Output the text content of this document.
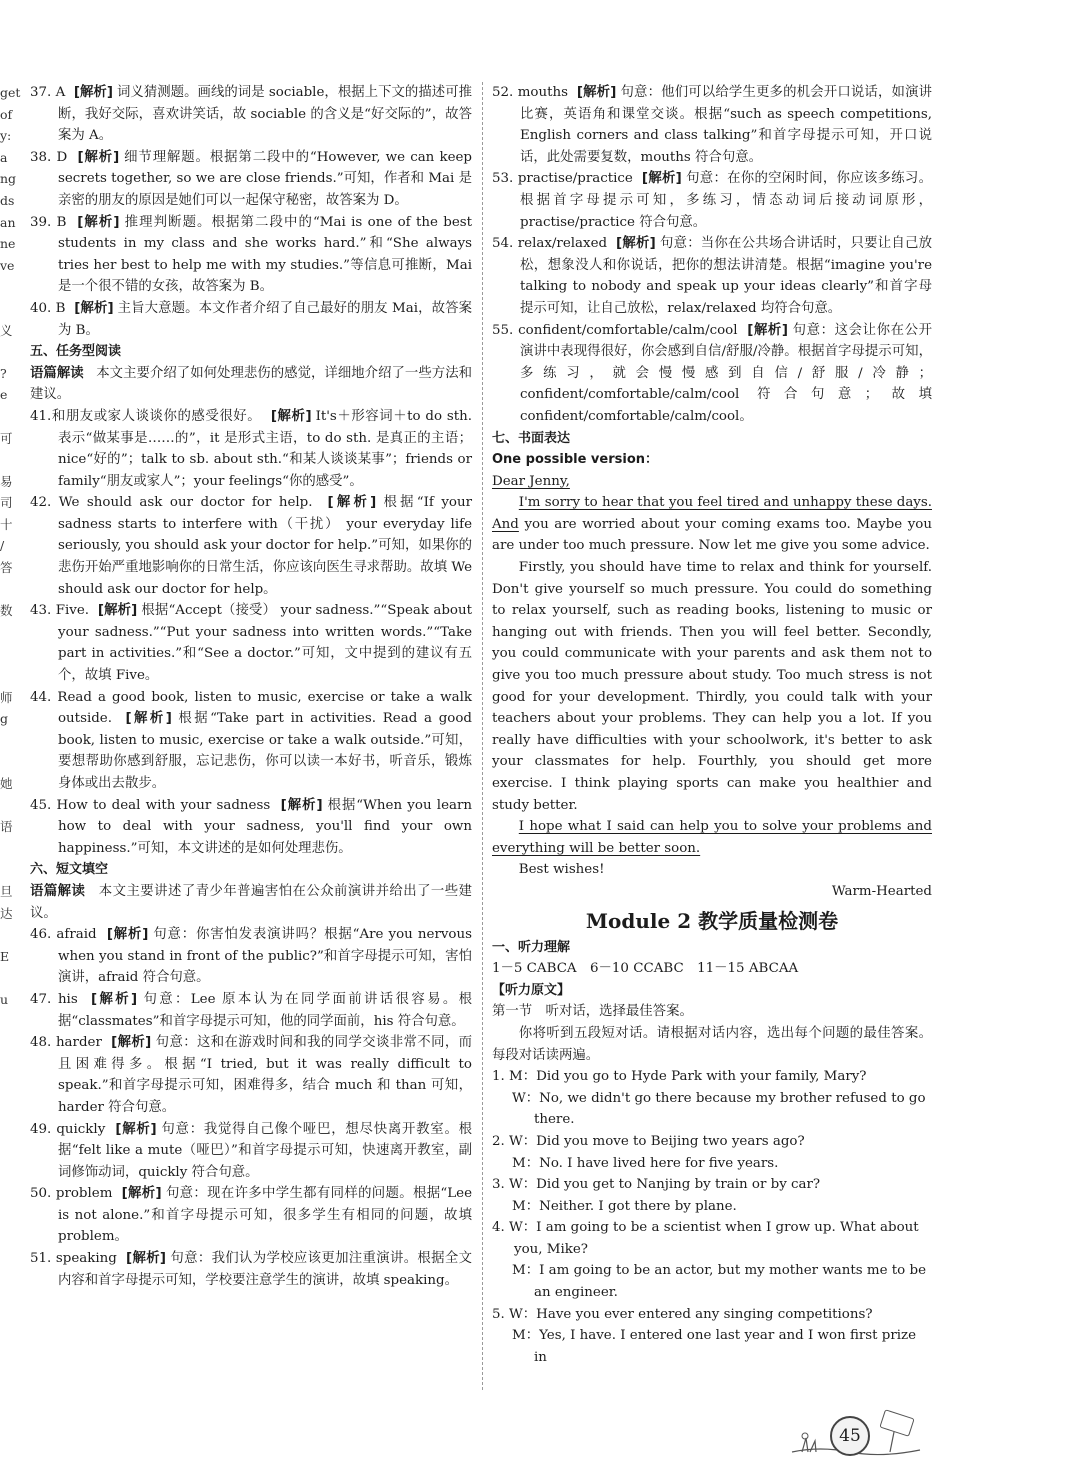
get
of
y:
a
ng
ds
an
ne
ve
义
?
e
可
易
司
十
/
答
数
师
g
她
语
旦
达
E
u

37. A [解析] 词义猜测题。画线的词是 sociable，根据上下文的描述可推断，我好交际，喜欢讲笑话，故 sociable 的含义是“好交际的”，故答案为 A。

38. D [解析] 细节理解题。根据第二段中的“However, we can keep secrets together, so we are close friends.”可知，作者和 Mai 是亲密的朋友的原因是她们可以一起保守秘密，故答案为 D。

39. B [解析] 推理判断题。根据第二段中的“Mai is one of the best students in my class and she works hard.”和“She always tries her best to help me with my studies.”等信息可推断，Mai 是一个很不错的女孩，故答案为 B。

40. B [解析] 主旨大意题。本文作者介绍了自己最好的朋友 Mai，故答案为 B。

五、任务型阅读

语篇解读 本文主要介绍了如何处理悲伤的感觉，详细地介绍了一些方法和建议。

41.和朋友或家人谈谈你的感受很好。 [解析] It's＋形容词＋to do sth. 表示“做某事是……的”，it 是形式主语，to do sth. 是真正的主语；nice“好的”；talk to sb. about sth.“和某人谈谈某事”；friends or family“朋友或家人”；your feelings“你的感受”。

42. We should ask our doctor for help. [解析] 根据“If your sadness starts to interfere with（干扰） your everyday life seriously, you should ask your doctor for help.”可知，如果你的悲伤开始严重地影响你的日常生活，你应该向医生寻求帮助。故填 We should ask our doctor for help。

43. Five. [解析] 根据“Accept（接受） your sadness.”“Speak about your sadness.”“Put your sadness into written words.”“Take part in activities.”和“See a doctor.”可知，文中提到的建议有五个，故填 Five。

44. Read a good book, listen to music, exercise or take a walk outside. [解析] 根据“Take part in activities. Read a good book, listen to music, exercise or take a walk outside.”可知，要想帮助你感到舒服，忘记悲伤，你可以读一本好书，听音乐，锻炼身体或出去散步。

45. How to deal with your sadness [解析] 根据“When you learn how to deal with your sadness, you'll find your own happiness.”可知，本文讲述的是如何处理悲伤。

六、短文填空

语篇解读 本文主要讲述了青少年普遍害怕在公众前演讲并给出了一些建议。

46. afraid [解析] 句意：你害怕发表演讲吗？根据“Are you nervous when you stand in front of the public?”和首字母提示可知，害怕演讲，afraid 符合句意。

47. his [解析] 句意：Lee 原本认为在同学面前讲话很容易。根据“classmates”和首字母提示可知，他的同学面前，his 符合句意。

48. harder [解析] 句意：这和在游戏时间和我的同学交谈非常不同，而且困难得多。根据“I tried, but it was really difficult to speak.”和首字母提示可知，困难得多，结合 much 和 than 可知，harder 符合句意。

49. quickly [解析] 句意：我觉得自己像个哑巴，想尽快离开教室。根据“felt like a mute（哑巴）”和首字母提示可知，快速离开教室，副词修饰动词，quickly 符合句意。

50. problem [解析] 句意：现在许多中学生都有同样的问题。根据“Lee is not alone.”和首字母提示可知，很多学生有相同的问题，故填 problem。

51. speaking [解析] 句意：我们认为学校应该更加注重演讲。根据全文内容和首字母提示可知，学校要注意学生的演讲，故填 speaking。

52. mouths [解析] 句意：他们可以给学生更多的机会开口说话，如演讲比赛，英语角和课堂交谈。根据“such as speech competitions, English corners and class talking”和首字母提示可知，开口说话，此处需要复数，mouths 符合句意。

53. practise/practice [解析] 句意：在你的空闲时间，你应该多练习。根据首字母提示可知，多练习，情态动词后接动词原形，practise/practice 符合句意。

54. relax/relaxed [解析] 句意：当你在公共场合讲话时，只要让自己放松，想象没人和你说话，把你的想法讲清楚。根据“imagine you're talking to nobody and speak up your ideas clearly”和首字母提示可知，让自己放松，relax/relaxed 均符合句意。

55. confident/comfortable/calm/cool [解析] 句意：这会让你在公开演讲中表现得很好，你会感到自信/舒服/冷静。根据首字母提示可知，多练习，就会慢慢感到自信/舒服/冷静；confident/comfortable/calm/cool 符合句意；故填 confident/comfortable/calm/cool。

七、书面表达

One possible version：

Dear Jenny,

I'm sorry to hear that you feel tired and unhappy these days. And you are worried about your coming exams too. Maybe you are under too much pressure. Now let me give you some advice.

Firstly, you should have time to relax and think for yourself. Don't give yourself so much pressure. You could do something to relax yourself, such as reading books, listening to music or hanging out with friends. Then you will feel better. Secondly, you could communicate with your parents and ask them not to give you too much pressure about study. Too much stress is not good for your development. Thirdly, you could talk with your teachers about your problems. They can help you a lot. If you really have difficulties with your schoolwork, it's better to ask your classmates for help. Fourthly, you should get more exercise. I think playing sports can make you healthier and study better.

I hope what I said can help you to solve your problems and everything will be better soon.

Best wishes!

Warm-Hearted

Module 2 教学质量检测卷

一、听力理解

1－5 CABCA　6－10 CCABC　11－15 ABCAA

【听力原文】

第一节　听对话，选择最佳答案。

你将听到五段短对话。请根据对话内容，选出每个问题的最佳答案。每段对话读两遍。

1. M：Did you go to Hyde Park with your family, Mary?

W：No, we didn't go there because my brother refused to go there.

2. W：Did you move to Beijing two years ago?

M：No. I have lived here for five years.

3. W：Did you get to Nanjing by train or by car?

M：Neither. I got there by plane.

4. W：I am going to be a scientist when I grow up. What about you, Mike?

M：I am going to be an actor, but my mother wants me to be an engineer.

5. W：Have you ever entered any singing competitions?

M：Yes, I have. I entered one last year and I won first prize in

45
